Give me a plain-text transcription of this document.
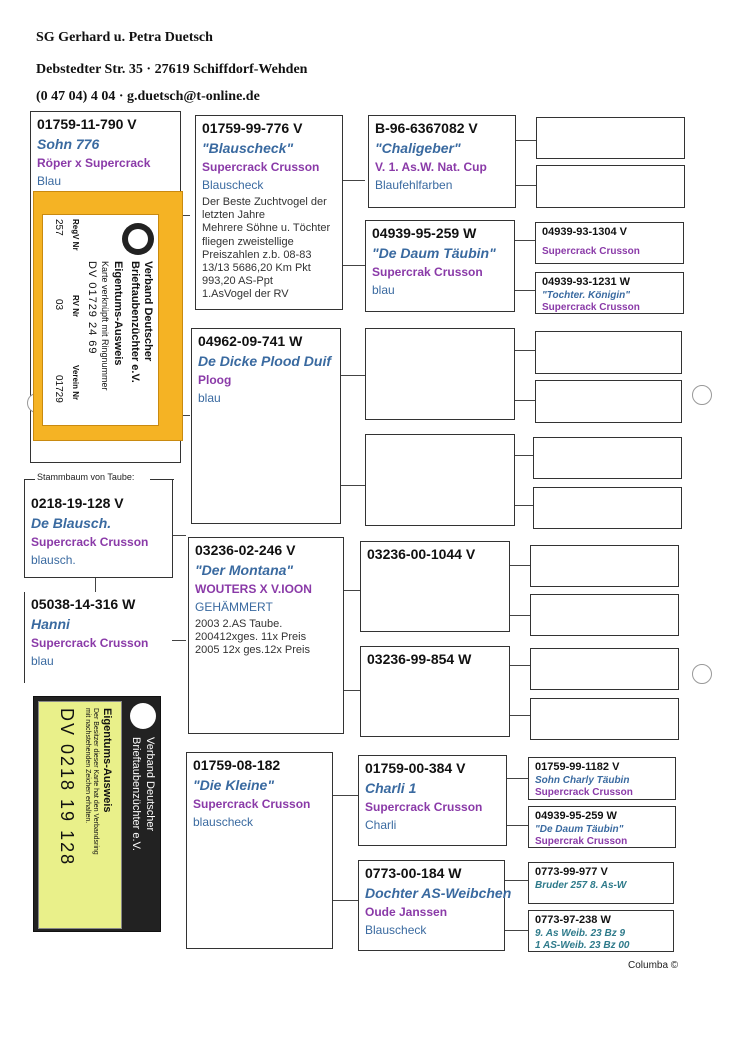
SG Gerhard u. Petra Duetsch
Debstedter Str. 35 · 27619 Schiffdorf-Wehden
(0 47 04) 4 04 · g.duetsch@t-online.de
01759-11-790 V
Sohn 776
Röper x Supercrack
Blau
01759-99-776 V
"Blauscheck"
Supercrack Crusson
Blauscheck
Der Beste Zuchtvogel der
letzten Jahre
Mehrere Söhne u. Töchter
fliegen zweistellige
Preiszahlen z.b. 08-83
13/13 5686,20 Km Pkt
993,20 AS-Ppt
1.AsVogel der RV
04962-09-741 W
De Dicke Plood Duif
Ploog
blau
B-96-6367082 V
"Chaligeber"
V. 1. As.W. Nat. Cup
Blaufehlfarben
04939-95-259 W
"De Daum Täubin"
Supercrak Crusson
blau
04939-93-1304 V
Supercrack Crusson
04939-93-1231 W
"Tochter. Königin"
Supercrack Crusson
Stammbaum von Taube:
0218-19-128 V
De Blausch.
Supercrack Crusson
blausch.
05038-14-316 W
Hanni
Supercrack Crusson
blau
03236-02-246 V
"Der Montana"
WOUTERS X V.IOON
GEHÄMMERT
2003 2.AS Taube.
200412xges. 11x Preis
2005 12x ges.12x Preis
03236-00-1044 V
03236-99-854 W
01759-08-182
"Die Kleine"
Supercrack Crusson
blauscheck
01759-00-384 V
Charli 1
Supercrack Crusson
Charli
0773-00-184 W
Dochter AS-Weibchen
Oude Janssen
Blauscheck
01759-99-1182 V
Sohn Charly Täubin
Supercrack Crusson
04939-95-259 W
"De Daum Täubin"
Supercrak Crusson
0773-99-977 V
Bruder 257 8. As-W
0773-97-238 W
9. As Weib. 23 Bz 9
1 AS-Weib. 23 Bz 00
Columba ©
Verband Deutscher
Brieftaubenzüchter e.V.
Eigentums-Ausweis
Karte verknüpft mit Ringnummer
DV 01729 24 69
RegV Nr
RV Nr
Verein Nr
257
03
01729
Eigentums-Ausweis
Der Besitzer dieser Karte hat den Verbandsring
mit nachstehenden Zeichen erhalten.
DV 0218 19 128	Verband Deutscher
Brieftaubenzüchter e.V.
